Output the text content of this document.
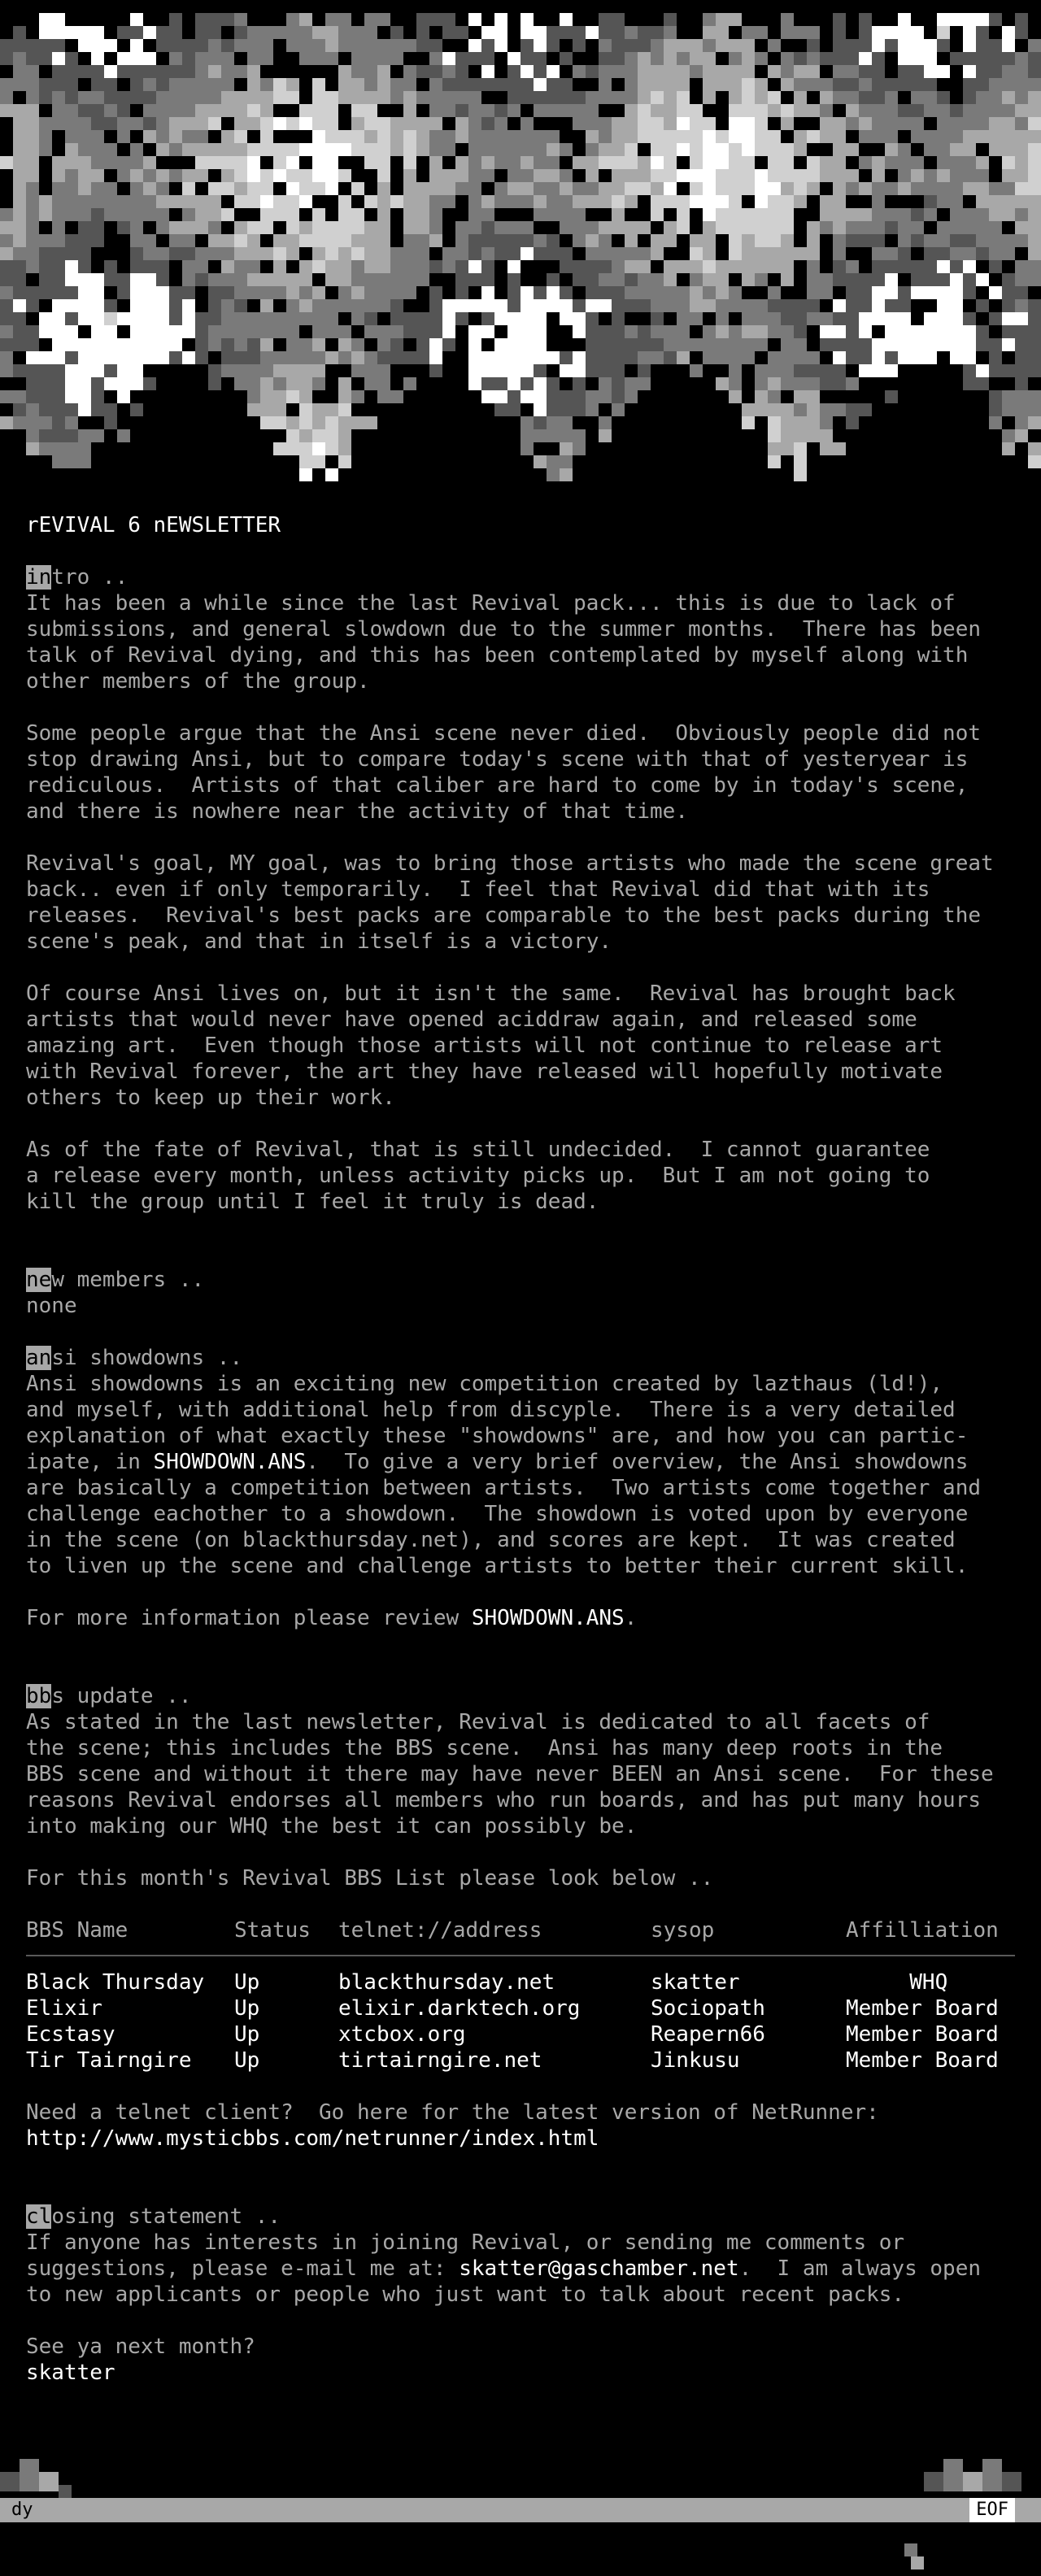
rEVIVAL 6 nEWSLETTER
intro ..
It has been a while since the last Revival pack... this is due to lack of
submissions, and general slowdown due to the summer months.  There has been
talk of Revival dying, and this has been contemplated by myself along with
other members of the group.
Some people argue that the Ansi scene never died.  Obviously people did not
stop drawing Ansi, but to compare today's scene with that of yesteryear is
rediculous.  Artists of that caliber are hard to come by in today's scene,
and there is nowhere near the activity of that time.
Revival's goal, MY goal, was to bring those artists who made the scene great
back.. even if only temporarily.  I feel that Revival did that with its
releases.  Revival's best packs are comparable to the best packs during the
scene's peak, and that in itself is a victory.
Of course Ansi lives on, but it isn't the same.  Revival has brought back
artists that would never have opened aciddraw again, and released some
amazing art.  Even though those artists will not continue to release art
with Revival forever, the art they have released will hopefully motivate
others to keep up their work.
As of the fate of Revival, that is still undecided.  I cannot guarantee
a release every month, unless activity picks up.  But I am not going to
kill the group until I feel it truly is dead.
new members ..
none
ansi showdowns ..
Ansi showdowns is an exciting new competition created by lazthaus (ld!),
and myself, with additional help from discyple.  There is a very detailed
explanation of what exactly these "showdowns" are, and how you can partic-
ipate, in SHOWDOWN.ANS.  To give a very brief overview, the Ansi showdowns
are basically a competition between artists.  Two artists come together and
challenge eachother to a showdown.  The showdown is voted upon by everyone
in the scene (on blackthursday.net), and scores are kept.  It was created
to liven up the scene and challenge artists to better their current skill.
For more information please review SHOWDOWN.ANS.
bbs update ..
As stated in the last newsletter, Revival is dedicated to all facets of
the scene; this includes the BBS scene.  Ansi has many deep roots in the
BBS scene and without it there may have never BEEN an Ansi scene.  For these
reasons Revival endorses all members who run boards, and has put many hours
into making our WHQ the best it can possibly be.
For this month's Revival BBS List please look below ..
BBS Name	Status	telnet://address	sysop	Affilliation
Black Thursday	Up	blackthursday.net	skatter	WHQ
Elixir	Up	elixir.darktech.org	Sociopath	Member Board
Ecstasy	Up	xtcbox.org	Reapern66	Member Board
Tir Tairngire	Up	tirtairngire.net	Jinkusu	Member Board
Need a telnet client?  Go here for the latest version of NetRunner:
http://www.mysticbbs.com/netrunner/index.html
closing statement ..
If anyone has interests in joining Revival, or sending me comments or
suggestions, please e-mail me at: skatter@gaschamber.net.  I am always open
to new applicants or people who just want to talk about recent packs.
See ya next month?
skatter
dy	EOF
